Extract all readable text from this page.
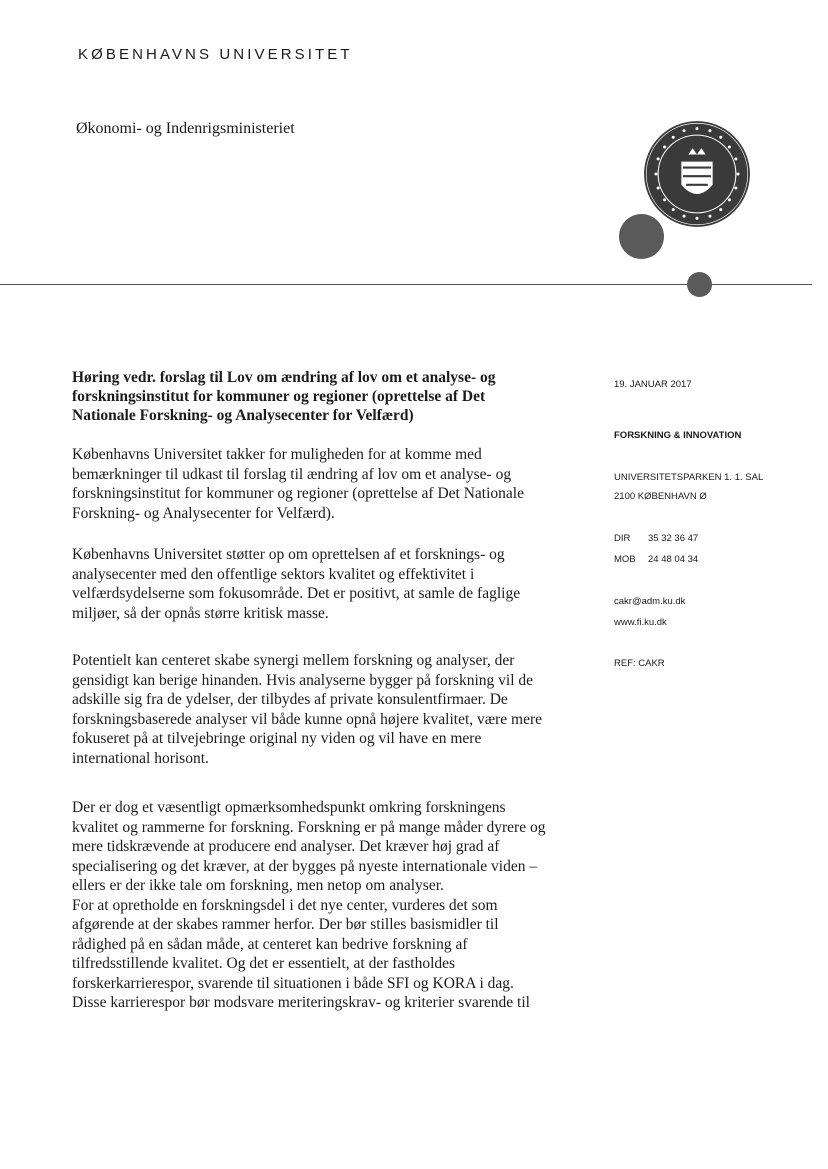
KØBENHAVNS UNIVERSITET
Økonomi- og Indenrigsministeriet
Høring vedr. forslag til Lov om ændring af lov om et analyse- og
forskningsinstitut for kommuner og regioner (oprettelse af Det
Nationale Forskning- og Analysecenter for Velfærd)
Københavns Universitet takker for muligheden for at komme med
bemærkninger til udkast til forslag til ændring af lov om et analyse- og
forskningsinstitut for kommuner og regioner (oprettelse af Det Nationale
Forskning- og Analysecenter for Velfærd).
Københavns Universitet støtter op om oprettelsen af et forsknings- og
analysecenter med den offentlige sektors kvalitet og effektivitet i
velfærdsydelserne som fokusområde. Det er positivt, at samle de faglige
miljøer, så der opnås større kritisk masse.
Potentielt kan centeret skabe synergi mellem forskning og analyser, der
gensidigt kan berige hinanden. Hvis analyserne bygger på forskning vil de
adskille sig fra de ydelser, der tilbydes af private konsulentfirmaer. De
forskningsbaserede analyser vil både kunne opnå højere kvalitet, være mere
fokuseret på at tilvejebringe original ny viden og vil have en mere
international horisont.
Der er dog et væsentligt opmærksomhedspunkt omkring forskningens
kvalitet og rammerne for forskning. Forskning er på mange måder dyrere og
mere tidskrævende at producere end analyser. Det kræver høj grad af
specialisering og det kræver, at der bygges på nyeste internationale viden –
ellers er der ikke tale om forskning, men netop om analyser.
For at opretholde en forskningsdel i det nye center, vurderes det som
afgørende at der skabes rammer herfor. Der bør stilles basismidler til
rådighed på en sådan måde, at centeret kan bedrive forskning af
tilfredsstillende kvalitet. Og det er essentielt, at der fastholdes
forskerkarrierespor, svarende til situationen i både SFI og KORA i dag.
Disse karrierespor bør modsvare meriteringskrav- og kriterier svarende til
19. JANUAR 2017
FORSKNING & INNOVATION
UNIVERSITETSPARKEN 1. 1. SAL
2100 KØBENHAVN Ø
DIR 35 32 36 47
MOB 24 48 04 34
cakr@adm.ku.dk
www.fi.ku.dk
REF: CAKR
